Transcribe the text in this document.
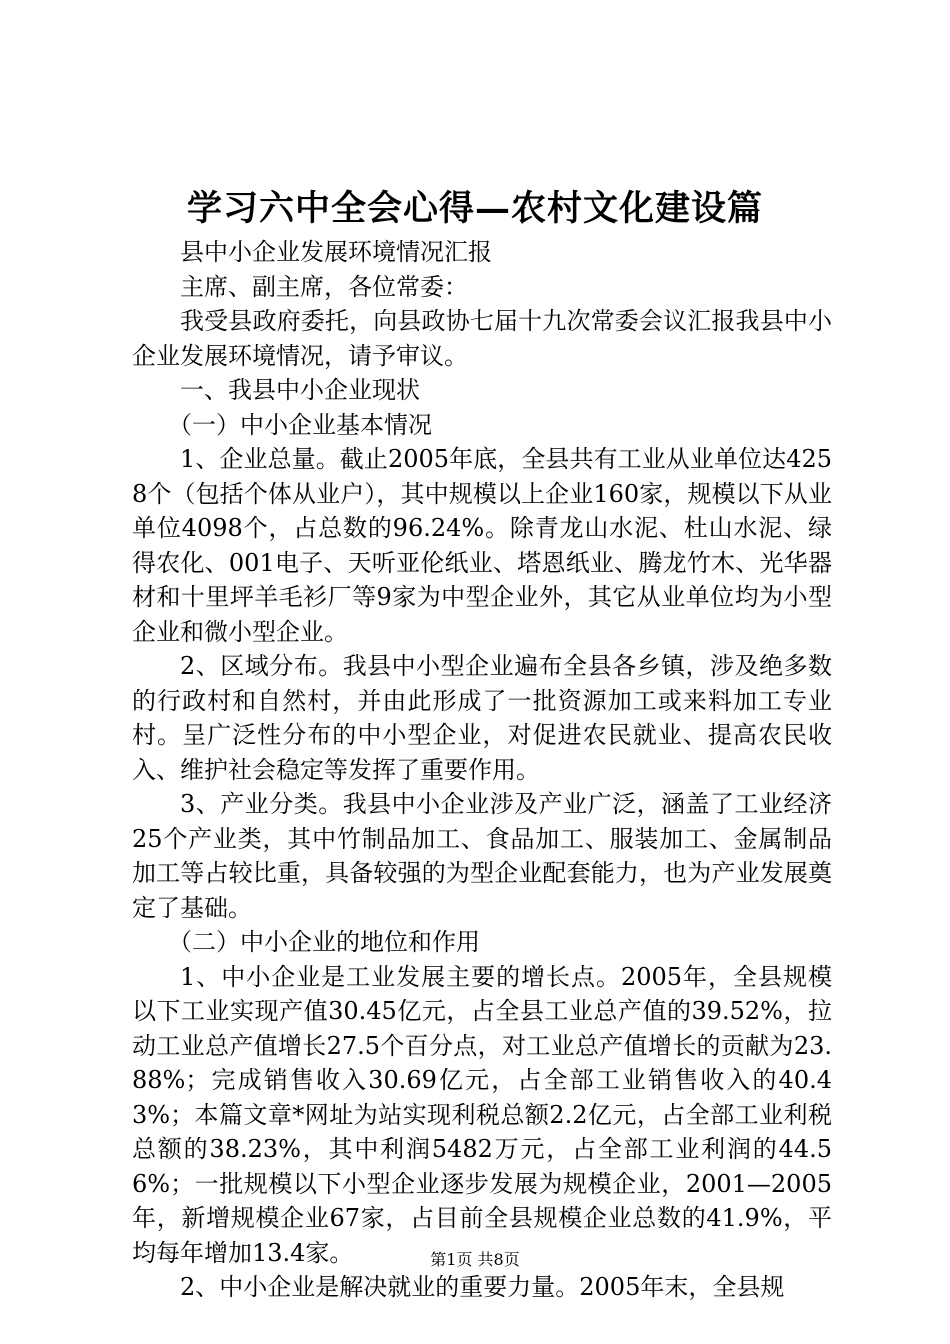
学习六中全会心得—农村文化建设篇

县中小企业发展环境情况汇报

主席、副主席，各位常委：

我受县政府委托，向县政协七届十九次常委会议汇报我县中小企业发展环境情况，请予审议。

一、我县中小企业现状

（一）中小企业基本情况

1、企业总量。截止2005年底，全县共有工业从业单位达4258个（包括个体从业户），其中规模以上企业160家，规模以下从业单位4098个，占总数的96.24%。除青龙山水泥、杜山水泥、绿得农化、001电子、天听亚伦纸业、塔恩纸业、腾龙竹木、光华器材和十里坪羊毛衫厂等9家为中型企业外，其它从业单位均为小型企业和微小型企业。

2、区域分布。我县中小型企业遍布全县各乡镇，涉及绝多数的行政村和自然村，并由此形成了一批资源加工或来料加工专业村。呈广泛性分布的中小型企业，对促进农民就业、提高农民收入、维护社会稳定等发挥了重要作用。

3、产业分类。我县中小企业涉及产业广泛，涵盖了工业经济25个产业类，其中竹制品加工、食品加工、服装加工、金属制品加工等占较比重，具备较强的为型企业配套能力，也为产业发展奠定了基础。

（二）中小企业的地位和作用

1、中小企业是工业发展主要的增长点。2005年，全县规模以下工业实现产值30.45亿元，占全县工业总产值的39.52%，拉动工业总产值增长27.5个百分点，对工业总产值增长的贡献为23.88%；完成销售收入30.69亿元，占全部工业销售收入的40.43%；本篇文章*网址为站实现利税总额2.2亿元，占全部工业利税总额的38.23%，其中利润5482万元，占全部工业利润的44.56%；一批规模以下小型企业逐步发展为规模企业，2001—2005年，新增规模企业67家，占目前全县规模企业总数的41.9%，平均每年增加13.4家。

2、中小企业是解决就业的重要力量。2005年末，全县规

第1页 共8页
